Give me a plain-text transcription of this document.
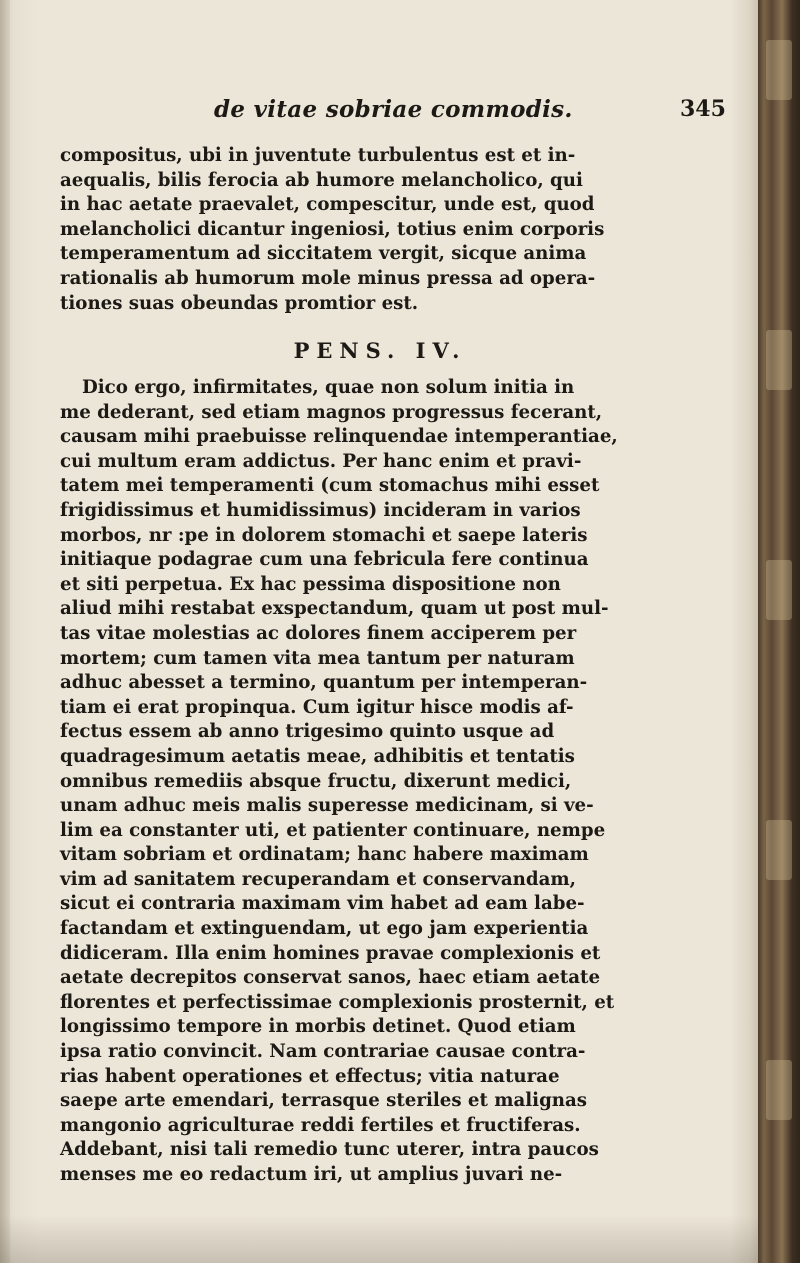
de vitae sobriae commodis.	345
compositus, ubi in juventute turbulentus est et in-
aequalis, bilis ferocia ab humore melancholico, qui
in hac aetate praevalet, compescitur, unde est, quod
melancholici dicantur ingeniosi, totius enim corporis
temperamentum ad siccitatem vergit, sicque anima
rationalis ab humorum mole minus pressa ad opera-
tiones suas obeundas promtior est.
PENS. IV.
Dico ergo, infirmitates, quae non solum initia in
me dederant, sed etiam magnos progressus fecerant,
causam mihi praebuisse relinquendae intemperantiae,
cui multum eram addictus. Per hanc enim et pravi-
tatem mei temperamenti (cum stomachus mihi esset
frigidissimus et humidissimus) incideram in varios
morbos, nr :pe in dolorem stomachi et saepe lateris
initiaque podagrae cum una febricula fere continua
et siti perpetua. Ex hac pessima dispositione non
aliud mihi restabat exspectandum, quam ut post mul-
tas vitae molestias ac dolores finem acciperem per
mortem; cum tamen vita mea tantum per naturam
adhuc abesset a termino, quantum per intemperan-
tiam ei erat propinqua. Cum igitur hisce modis af-
fectus essem ab anno trigesimo quinto usque ad
quadragesimum aetatis meae, adhibitis et tentatis
omnibus remediis absque fructu, dixerunt medici,
unam adhuc meis malis superesse medicinam, si ve-
lim ea constanter uti, et patienter continuare, nempe
vitam sobriam et ordinatam; hanc habere maximam
vim ad sanitatem recuperandam et conservandam,
sicut ei contraria maximam vim habet ad eam labe-
factandam et extinguendam, ut ego jam experientia
didiceram. Illa enim homines pravae complexionis et
aetate decrepitos conservat sanos, haec etiam aetate
florentes et perfectissimae complexionis prosternit, et
longissimo tempore in morbis detinet. Quod etiam
ipsa ratio convincit. Nam contrariae causae contra-
rias habent operationes et effectus; vitia naturae
saepe arte emendari, terrasque steriles et malignas
mangonio agriculturae reddi fertiles et fructiferas.
Addebant, nisi tali remedio tunc uterer, intra paucos
menses me eo redactum iri, ut amplius juvari ne-
